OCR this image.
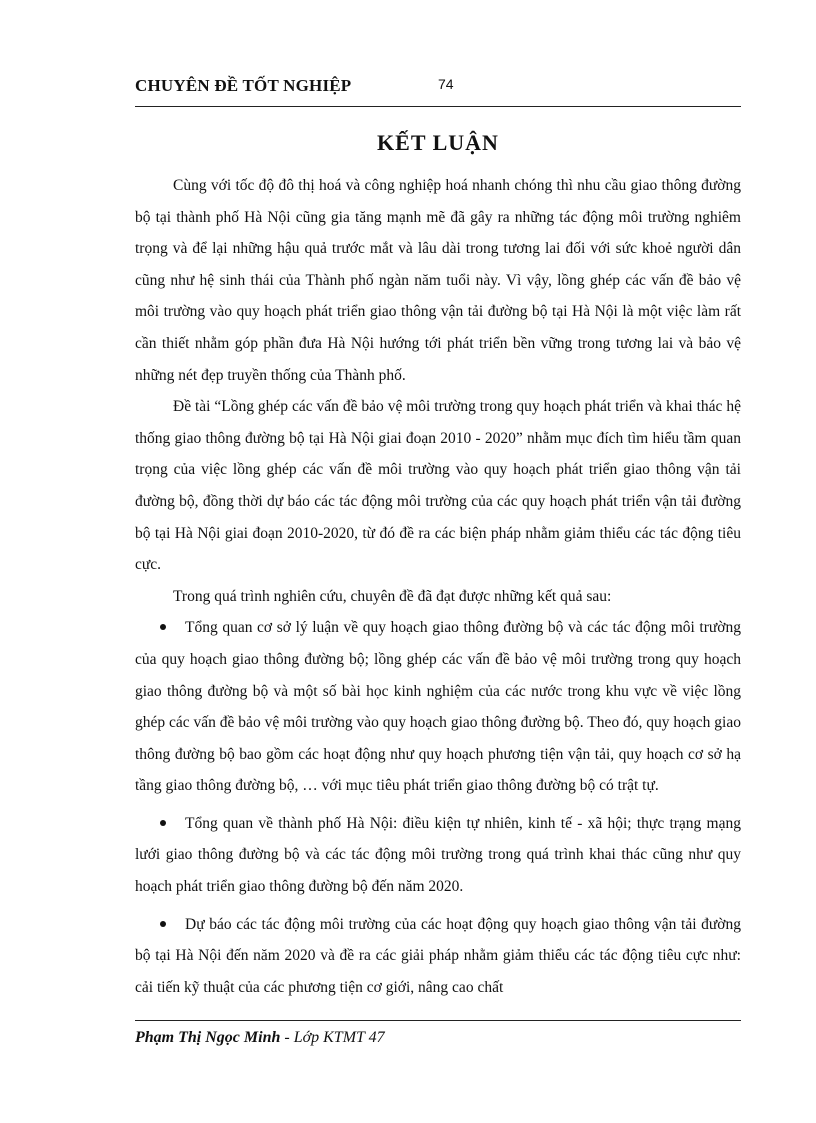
CHUYÊN ĐỀ TỐT NGHIỆP	74
KẾT LUẬN

Cùng với tốc độ đô thị hoá và công nghiệp hoá nhanh chóng thì nhu cầu giao thông đường bộ tại thành phố Hà Nội cũng gia tăng mạnh mẽ đã gây ra những tác động môi trường nghiêm trọng và để lại những hậu quả trước mắt và lâu dài trong tương lai đối với sức khoẻ người dân cũng như hệ sinh thái của Thành phố ngàn năm tuổi này. Vì vậy, lồng ghép các vấn đề bảo vệ môi trường vào quy hoạch phát triển giao thông vận tải đường bộ tại Hà Nội là một việc làm rất cần thiết nhằm góp phần đưa Hà Nội hướng tới phát triển bền vững trong tương lai và bảo vệ những nét đẹp truyền thống của Thành phố.

Đề tài “Lồng ghép các vấn đề bảo vệ môi trường trong quy hoạch phát triển và khai thác hệ thống giao thông đường bộ tại Hà Nội giai đoạn 2010 - 2020” nhằm mục đích tìm hiểu tầm quan trọng của việc lồng ghép các vấn đề môi trường vào quy hoạch phát triển giao thông vận tải đường bộ, đồng thời dự báo các tác động môi trường của các quy hoạch phát triển vận tải đường bộ tại Hà Nội giai đoạn 2010-2020, từ đó đề ra các biện pháp nhằm giảm thiểu các tác động tiêu cực.

Trong quá trình nghiên cứu, chuyên đề đã đạt được những kết quả sau:

Tổng quan cơ sở lý luận về quy hoạch giao thông đường bộ và các tác động môi trường của quy hoạch giao thông đường bộ; lồng ghép các vấn đề bảo vệ môi trường trong quy hoạch giao thông đường bộ và một số bài học kinh nghiệm của các nước trong khu vực về việc lồng ghép các vấn đề bảo vệ môi trường vào quy hoạch giao thông đường bộ. Theo đó, quy hoạch giao thông đường bộ bao gồm các hoạt động như quy hoạch phương tiện vận tải, quy hoạch cơ sở hạ tầng giao thông đường bộ, … với mục tiêu phát triển giao thông đường bộ có trật tự.
Tổng quan về thành phố Hà Nội: điều kiện tự nhiên, kinh tế - xã hội; thực trạng mạng lưới giao thông đường bộ và các tác động môi trường trong quá trình khai thác cũng như quy hoạch phát triển giao thông đường bộ đến năm 2020.
Dự báo các tác động môi trường của các hoạt động quy hoạch giao thông vận tải đường bộ tại Hà Nội đến năm 2020 và đề ra các giải pháp nhằm giảm thiểu các tác động tiêu cực như: cải tiến kỹ thuật của các phương tiện cơ giới, nâng cao chất
Phạm Thị Ngọc Minh - Lớp KTMT 47
